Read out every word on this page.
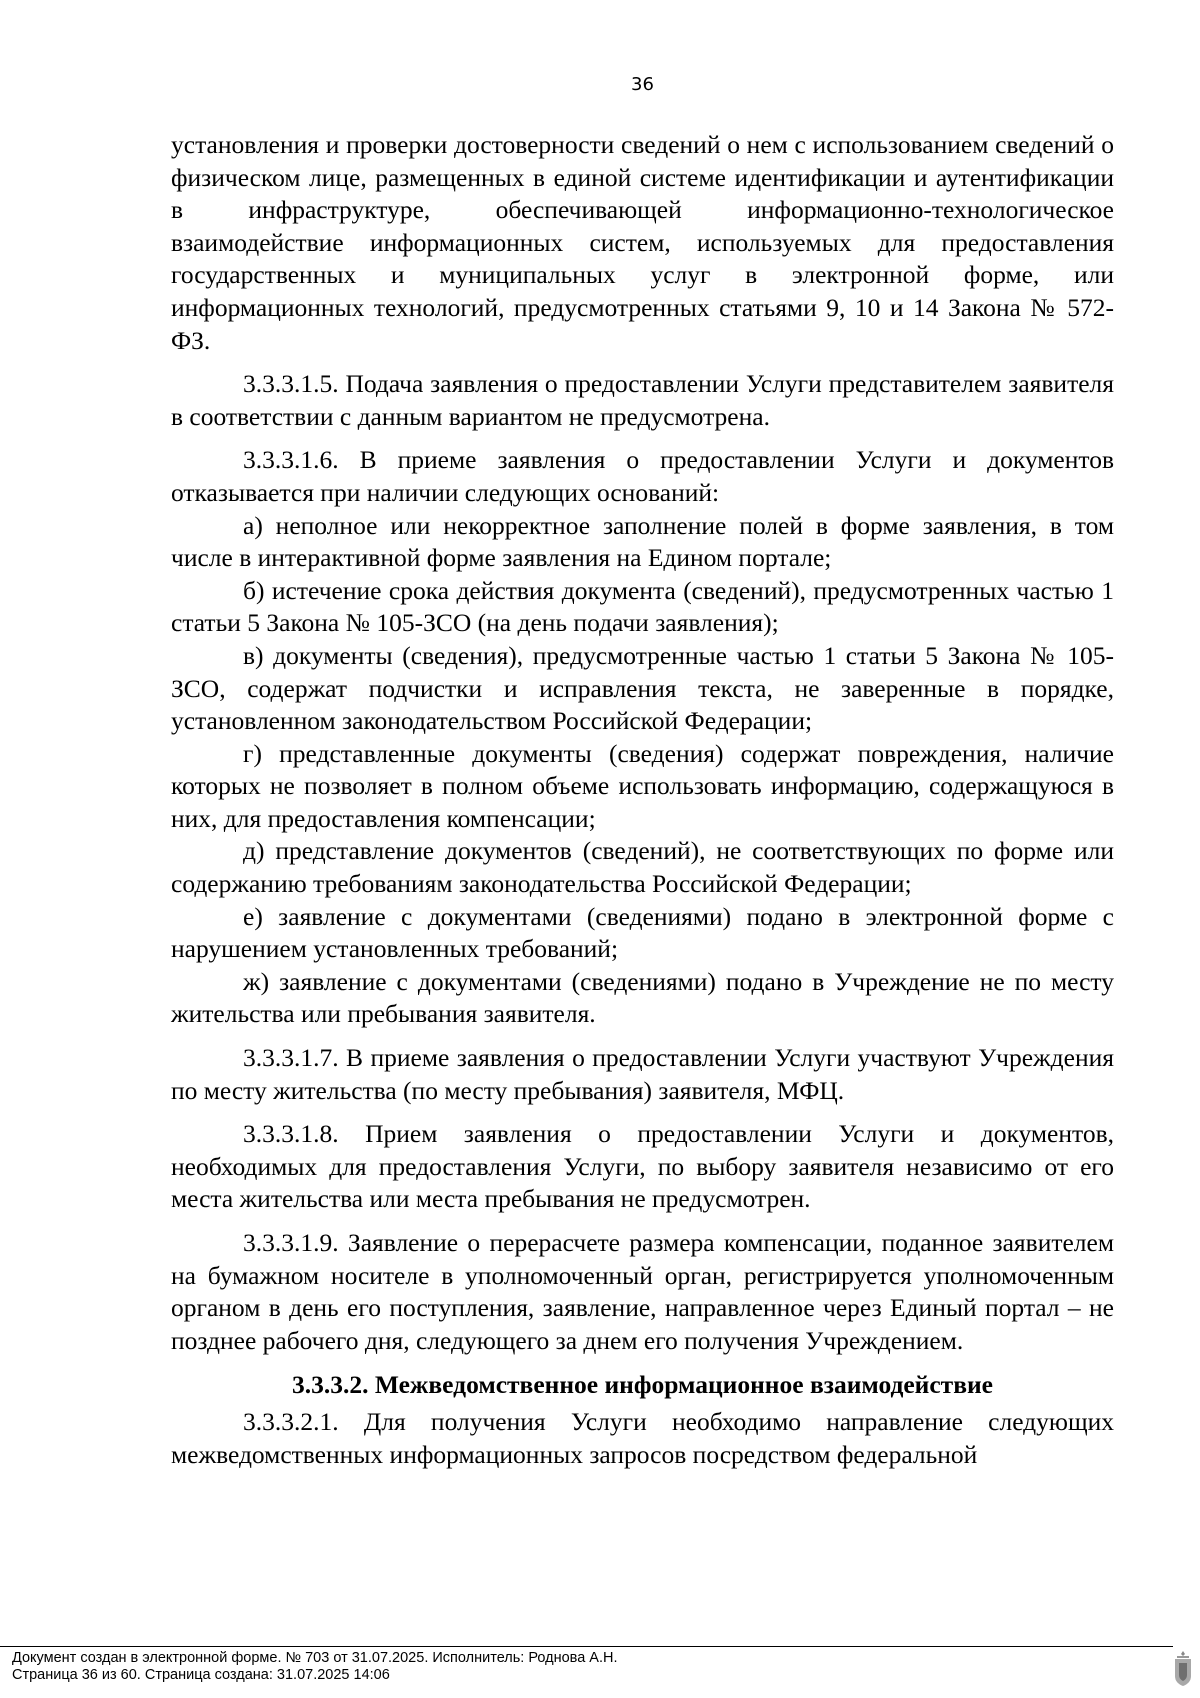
36

установления и проверки достоверности сведений о нем с использованием сведений о физическом лице, размещенных в единой системе идентификации и аутентификации в инфраструктуре, обеспечивающей информационно-технологическое взаимодействие информационных систем, используемых для предоставления государственных и муниципальных услуг в электронной форме, или информационных технологий, предусмотренных статьями 9, 10 и 14 Закона № 572-ФЗ.

3.3.3.1.5. Подача заявления о предоставлении Услуги представителем заявителя в соответствии с данным вариантом не предусмотрена.

3.3.3.1.6. В приеме заявления о предоставлении Услуги и документов отказывается при наличии следующих оснований:

а) неполное или некорректное заполнение полей в форме заявления, в том числе в интерактивной форме заявления на Едином портале;

б) истечение срока действия документа (сведений), предусмотренных частью 1 статьи 5 Закона № 105-ЗСО (на день подачи заявления);

в) документы (сведения), предусмотренные частью 1 статьи 5 Закона № 105-ЗСО, содержат подчистки и исправления текста, не заверенные в порядке, установленном законодательством Российской Федерации;

г) представленные документы (сведения) содержат повреждения, наличие которых не позволяет в полном объеме использовать информацию, содержащуюся в них, для предоставления компенсации;

д) представление документов (сведений), не соответствующих по форме или содержанию требованиям законодательства Российской Федерации;

е) заявление с документами (сведениями) подано в электронной форме с нарушением установленных требований;

ж) заявление с документами (сведениями) подано в Учреждение не по месту жительства или пребывания заявителя.

3.3.3.1.7. В приеме заявления о предоставлении Услуги участвуют Учреждения по месту жительства (по месту пребывания) заявителя, МФЦ.

3.3.3.1.8. Прием заявления о предоставлении Услуги и документов, необходимых для предоставления Услуги, по выбору заявителя независимо от его места жительства или места пребывания не предусмотрен.

3.3.3.1.9. Заявление о перерасчете размера компенсации, поданное заявителем на бумажном носителе в уполномоченный орган, регистрируется уполномоченным органом в день его поступления, заявление, направленное через Единый портал – не позднее рабочего дня, следующего за днем его получения Учреждением.

3.3.3.2. Межведомственное информационное взаимодействие

3.3.3.2.1. Для получения Услуги необходимо направление следующих межведомственных информационных запросов посредством федеральной

Документ создан в электронной форме. № 703 от 31.07.2025. Исполнитель: Роднова А.Н.
Страница 36 из 60. Страница создана: 31.07.2025 14:06
